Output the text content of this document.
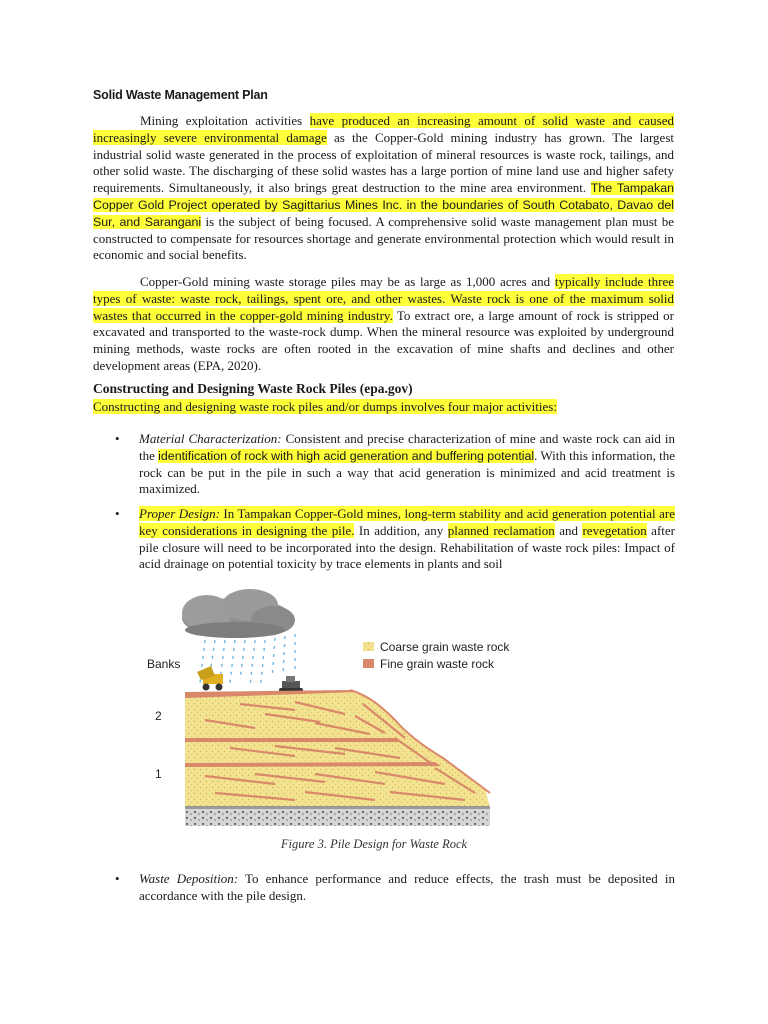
Solid Waste Management Plan
Mining exploitation activities have produced an increasing amount of solid waste and caused increasingly severe environmental damage as the Copper-Gold mining industry has grown. The largest industrial solid waste generated in the process of exploitation of mineral resources is waste rock, tailings, and other solid waste. The discharging of these solid wastes has a large portion of mine land use and higher safety requirements. Simultaneously, it also brings great destruction to the mine area environment. The Tampakan Copper Gold Project operated by Sagittarius Mines Inc. in the boundaries of South Cotabato, Davao del Sur, and Sarangani is the subject of being focused. A comprehensive solid waste management plan must be constructed to compensate for resources shortage and generate environmental protection which would result in economic and social benefits.
Copper-Gold mining waste storage piles may be as large as 1,000 acres and typically include three types of waste: waste rock, tailings, spent ore, and other wastes. Waste rock is one of the maximum solid wastes that occurred in the copper-gold mining industry. To extract ore, a large amount of rock is stripped or excavated and transported to the waste-rock dump. When the mineral resource was exploited by underground mining methods, waste rocks are often rooted in the excavation of mine shafts and declines and other development areas (EPA, 2020).
Constructing and Designing Waste Rock Piles (epa.gov)
Constructing and designing waste rock piles and/or dumps involves four major activities:
•	Material Characterization: Consistent and precise characterization of mine and waste rock can aid in the identification of rock with high acid generation and buffering potential. With this information, the rock can be put in the pile in such a way that acid generation is minimized and acid treatment is maximized.
•	Proper Design: In Tampakan Copper-Gold mines, long-term stability and acid generation potential are key considerations in designing the pile. In addition, any planned reclamation and revegetation after pile closure will need to be incorporated into the design. Rehabilitation of waste rock piles: Impact of acid drainage on potential toxicity by trace elements in plants and soil
Coarse grain waste rock
Fine grain waste rock
Banks
2
1
Figure 3. Pile Design for Waste Rock
•	Waste Deposition: To enhance performance and reduce effects, the trash must be deposited in accordance with the pile design.
